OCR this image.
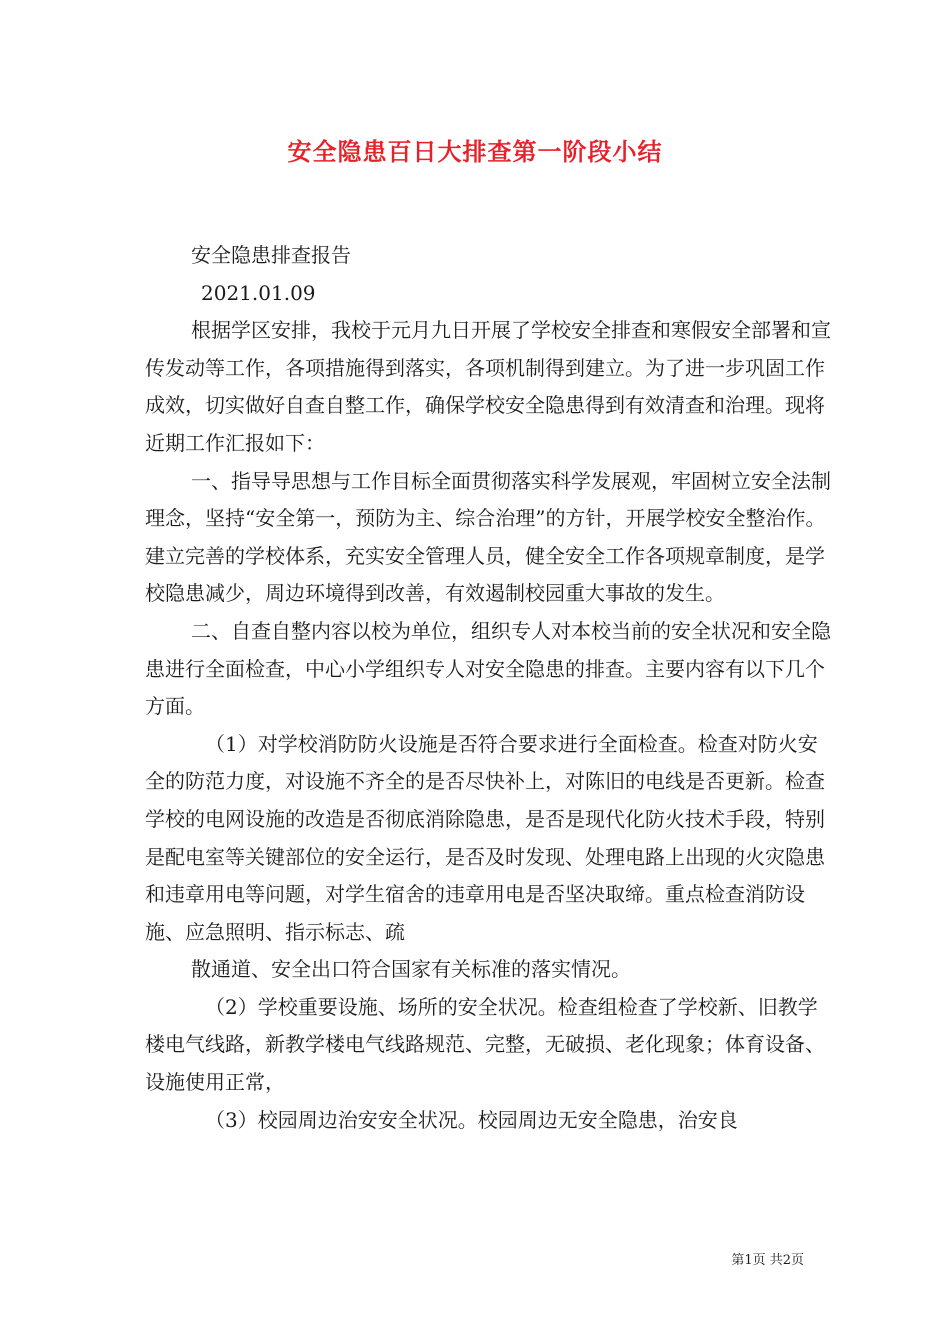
安全隐患百日大排查第一阶段小结

安全隐患排查报告

2021.01.09

根据学区安排，我校于元月九日开展了学校安全排查和寒假安全部署和宣传发动等工作，各项措施得到落实，各项机制得到建立。为了进一步巩固工作成效，切实做好自查自整工作，确保学校安全隐患得到有效清查和治理。现将近期工作汇报如下：

一、指导导思想与工作目标全面贯彻落实科学发展观，牢固树立安全法制理念，坚持“安全第一，预防为主、综合治理”的方针，开展学校安全整治作。建立完善的学校体系，充实安全管理人员，健全安全工作各项规章制度，是学校隐患减少，周边环境得到改善，有效遏制校园重大事故的发生。

二、自查自整内容以校为单位，组织专人对本校当前的安全状况和安全隐患进行全面检查，中心小学组织专人对安全隐患的排查。主要内容有以下几个方面。

（1）对学校消防防火设施是否符合要求进行全面检查。检查对防火安全的防范力度，对设施不齐全的是否尽快补上，对陈旧的电线是否更新。检查学校的电网设施的改造是否彻底消除隐患，是否是现代化防火技术手段，特别是配电室等关键部位的安全运行，是否及时发现、处理电路上出现的火灾隐患和违章用电等问题，对学生宿舍的违章用电是否坚决取缔。重点检查消防设施、应急照明、指示标志、疏

散通道、安全出口符合国家有关标准的落实情况。

（2）学校重要设施、场所的安全状况。检查组检查了学校新、旧教学楼电气线路，新教学楼电气线路规范、完整，无破损、老化现象；体育设备、设施使用正常，

（3）校园周边治安安全状况。校园周边无安全隐患，治安良

第1页 共2页
